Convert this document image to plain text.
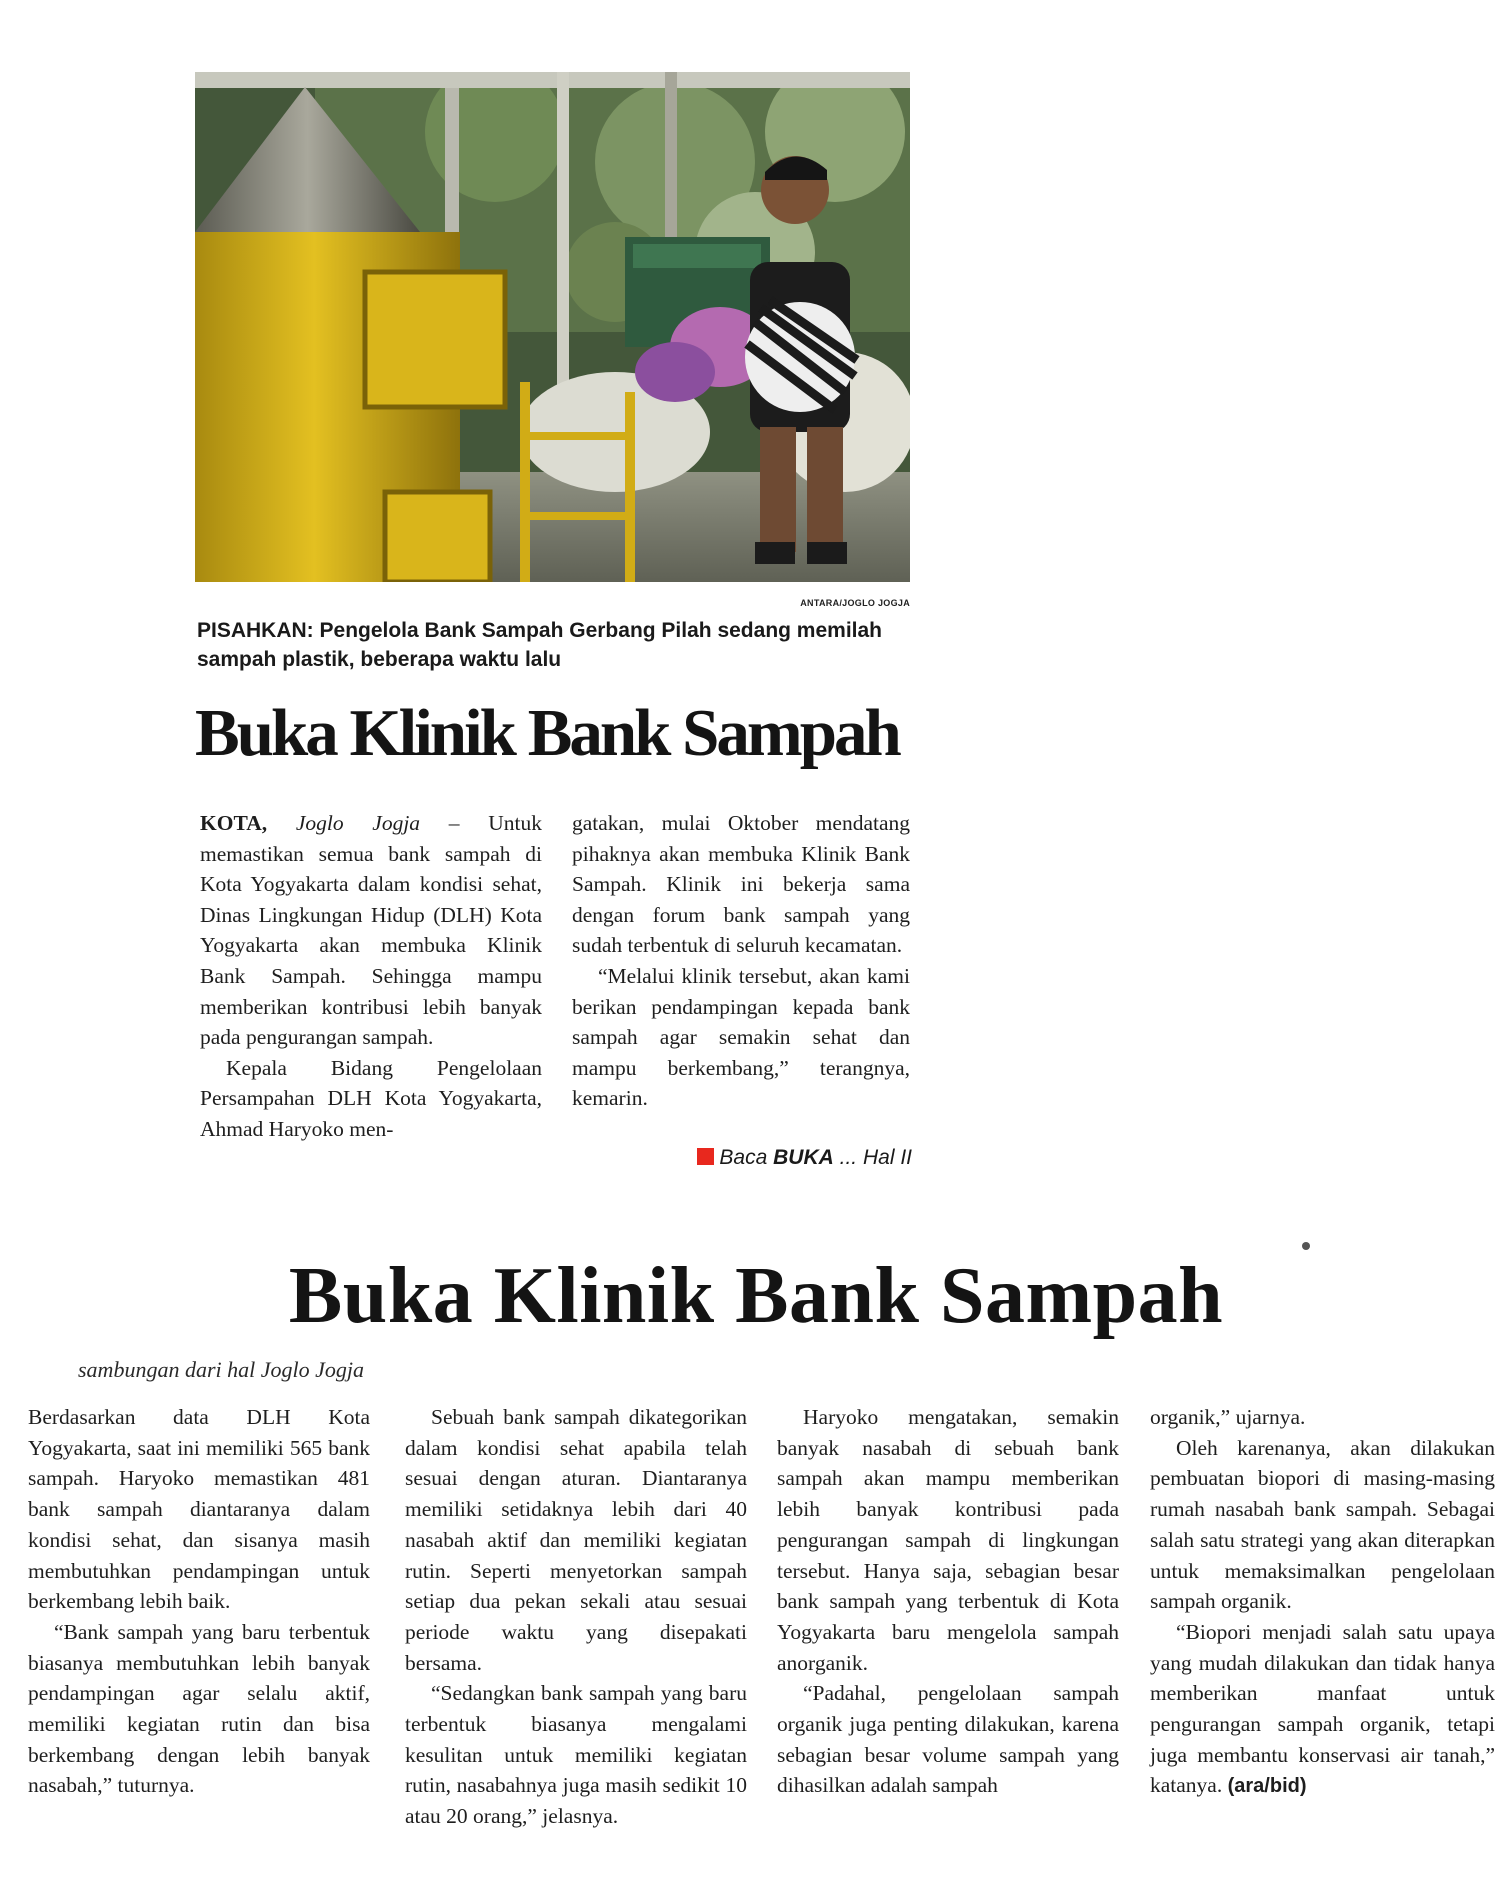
ANTARA/JOGLO JOGJA
PISAHKAN: Pengelola Bank Sampah Gerbang Pilah sedang memilah sampah plastik, beberapa waktu lalu
Buka Klinik Bank Sampah

KOTA, Joglo Jogja – Untuk memastikan semua bank sampah di Kota Yogyakarta dalam kondisi sehat, Dinas Lingkungan Hidup (DLH) Kota Yogyakarta akan membuka Klinik Bank Sampah. Sehingga mampu memberikan kontribusi lebih banyak pada pengurangan sampah.

Kepala Bidang Pengelolaan Persampahan DLH Kota Yogyakarta, Ahmad Haryoko men-

gatakan, mulai Oktober mendatang pihaknya akan membuka Klinik Bank Sampah. Klinik ini bekerja sama dengan forum bank sampah yang sudah terbentuk di seluruh kecamatan.

“Melalui klinik tersebut, akan kami berikan pendampingan kepada bank sampah agar semakin sehat dan mampu berkembang,” terangnya, kemarin.

Baca BUKA ... Hal II
Buka Klinik Bank Sampah
sambungan dari hal Joglo Jogja

Berdasarkan data DLH Kota Yogyakarta, saat ini memiliki 565 bank sampah. Haryoko memastikan 481 bank sampah diantaranya dalam kondisi sehat, dan sisanya masih membutuhkan pendampingan untuk berkembang lebih baik.

“Bank sampah yang baru terbentuk biasanya membutuhkan lebih banyak pendampingan agar selalu aktif, memiliki kegiatan rutin dan bisa berkembang dengan lebih banyak nasabah,” tuturnya.

Sebuah bank sampah dikategorikan dalam kondisi sehat apabila telah sesuai dengan aturan. Diantaranya memiliki setidaknya lebih dari 40 nasabah aktif dan memiliki kegiatan rutin. Seperti menyetorkan sampah setiap dua pekan sekali atau sesuai periode waktu yang disepakati bersama.

“Sedangkan bank sampah yang baru terbentuk biasanya mengalami kesulitan untuk memiliki kegiatan rutin, nasabahnya juga masih sedikit 10 atau 20 orang,” jelasnya.

Haryoko mengatakan, semakin banyak nasabah di sebuah bank sampah akan mampu memberikan lebih banyak kontribusi pada pengurangan sampah di lingkungan tersebut. Hanya saja, sebagian besar bank sampah yang terbentuk di Kota Yogyakarta baru mengelola sampah anorganik.

“Padahal, pengelolaan sampah organik juga penting dilakukan, karena sebagian besar volume sampah yang dihasilkan adalah sampah

organik,” ujarnya.

Oleh karenanya, akan dilakukan pembuatan biopori di masing-masing rumah nasabah bank sampah. Sebagai salah satu strategi yang akan diterapkan untuk memaksimalkan pengelolaan sampah organik.

“Biopori menjadi salah satu upaya yang mudah dilakukan dan tidak hanya memberikan manfaat untuk pengurangan sampah organik, tetapi juga membantu konservasi air tanah,” katanya. (ara/bid)
